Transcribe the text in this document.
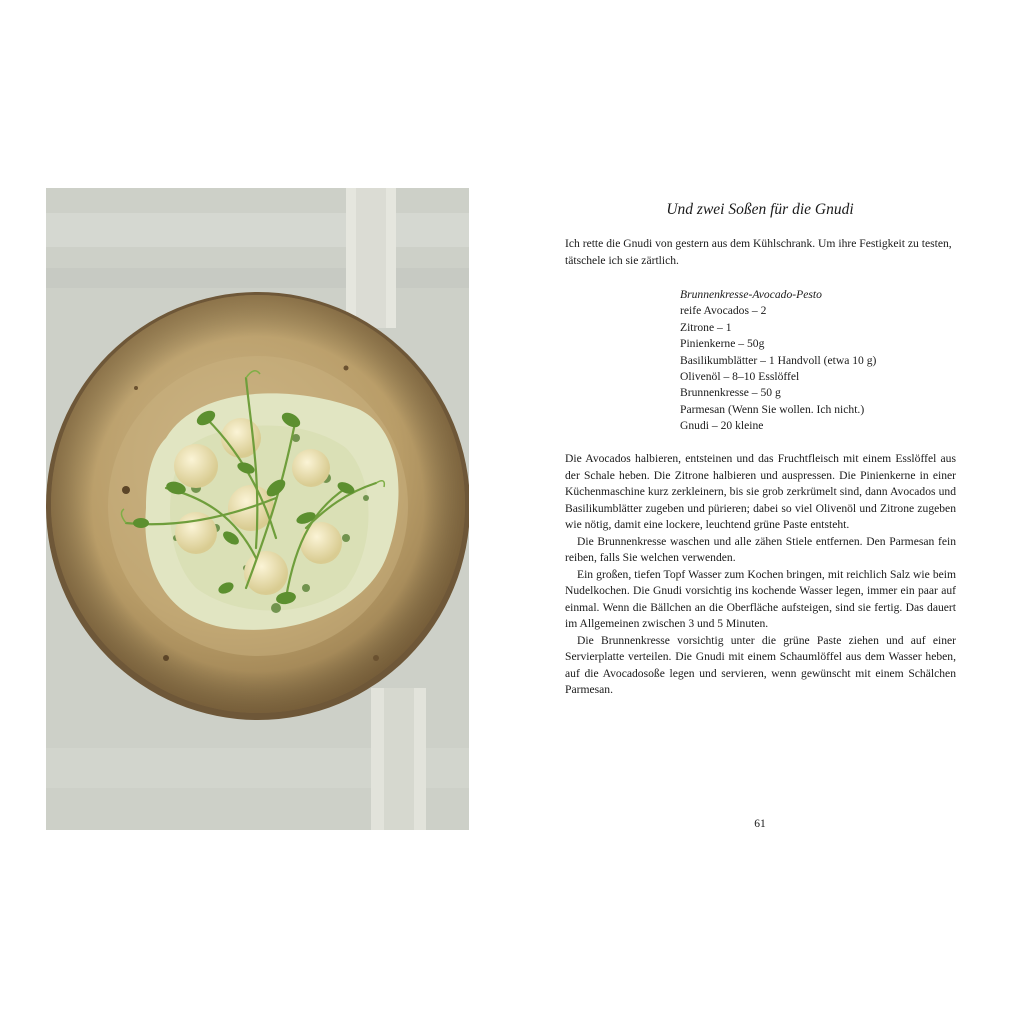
Und zwei Soßen für die Gnudi

Ich rette die Gnudi von gestern aus dem Kühlschrank. Um ihre Festigkeit zu testen, tätschele ich sie zärtlich.

Brunnenkresse-Avocado-Pesto
reife Avocados – 2
Zitrone – 1
Pinienkerne – 50g
Basilikumblätter – 1 Handvoll (etwa 10 g)
Olivenöl – 8–10 Esslöffel
Brunnenkresse – 50 g
Parmesan (Wenn Sie wollen. Ich nicht.)
Gnudi – 20 kleine

Die Avocados halbieren, entsteinen und das Fruchtfleisch mit einem Esslöffel aus der Schale heben. Die Zitrone halbieren und auspressen. Die Pinienkerne in einer Küchenmaschine kurz zerkleinern, bis sie grob zerkrümelt sind, dann Avocados und Basilikumblätter zugeben und pürieren; dabei so viel Olivenöl und Zitrone zugeben wie nötig, damit eine lockere, leuchtend grüne Paste entsteht.

Die Brunnenkresse waschen und alle zähen Stiele entfernen. Den Parmesan fein reiben, falls Sie welchen verwenden.

Ein großen, tiefen Topf Wasser zum Kochen bringen, mit reichlich Salz wie beim Nudelkochen. Die Gnudi vorsichtig ins kochende Wasser legen, immer ein paar auf einmal. Wenn die Bällchen an die Oberfläche aufsteigen, sind sie fertig. Das dauert im Allgemeinen zwischen 3 und 5 Minuten.

Die Brunnenkresse vorsichtig unter die grüne Paste ziehen und auf einer Servierplatte verteilen. Die Gnudi mit einem Schaumlöffel aus dem Wasser heben, auf die Avocadosoße legen und servieren, wenn gewünscht mit einem Schälchen Parmesan.

61
